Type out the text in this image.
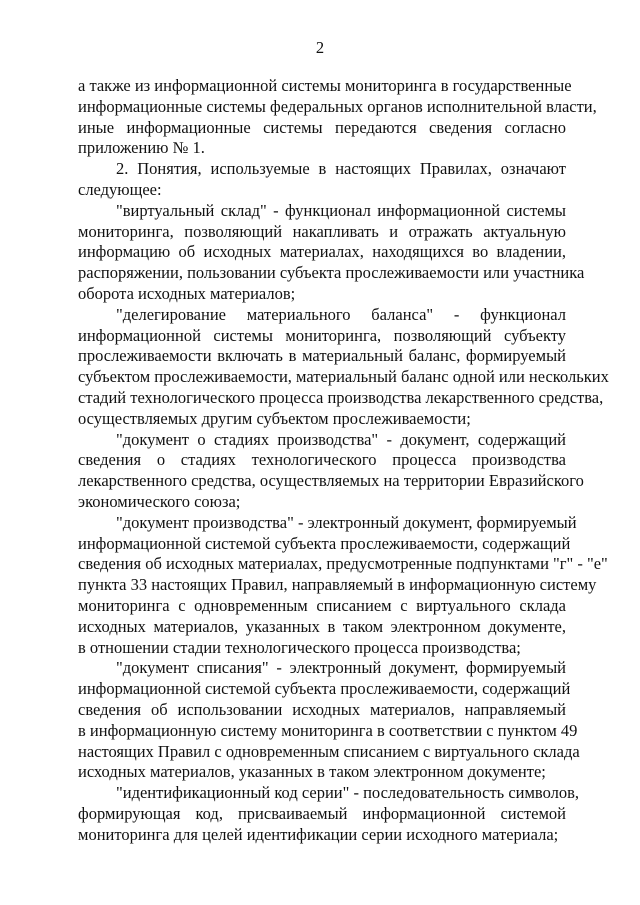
2
а также из информационной системы мониторинга в государственные
информационные системы федеральных органов исполнительной власти,
иные информационные системы передаются сведения согласно
приложению № 1.
2. Понятия, используемые в настоящих Правилах, означают
следующее:
"виртуальный склад" - функционал информационной системы
мониторинга, позволяющий накапливать и отражать актуальную
информацию об исходных материалах, находящихся во владении,
распоряжении, пользовании субъекта прослеживаемости или участника
оборота исходных материалов;
"делегирование материального баланса" - функционал
информационной системы мониторинга, позволяющий субъекту
прослеживаемости включать в материальный баланс, формируемый
субъектом прослеживаемости, материальный баланс одной или нескольких
стадий технологического процесса производства лекарственного средства,
осуществляемых другим субъектом прослеживаемости;
"документ о стадиях производства" - документ, содержащий
сведения о стадиях технологического процесса производства
лекарственного средства, осуществляемых на территории Евразийского
экономического союза;
"документ производства" - электронный документ, формируемый
информационной системой субъекта прослеживаемости, содержащий
сведения об исходных материалах, предусмотренные подпунктами "г" - "е"
пункта 33 настоящих Правил, направляемый в информационную систему
мониторинга с одновременным списанием с виртуального склада
исходных материалов, указанных в таком электронном документе,
в отношении стадии технологического процесса производства;
"документ списания" - электронный документ, формируемый
информационной системой субъекта прослеживаемости, содержащий
сведения об использовании исходных материалов, направляемый
в информационную систему мониторинга в соответствии с пунктом 49
настоящих Правил с одновременным списанием с виртуального склада
исходных материалов, указанных в таком электронном документе;
"идентификационный код серии" - последовательность символов,
формирующая код, присваиваемый информационной системой
мониторинга для целей идентификации серии исходного материала;
